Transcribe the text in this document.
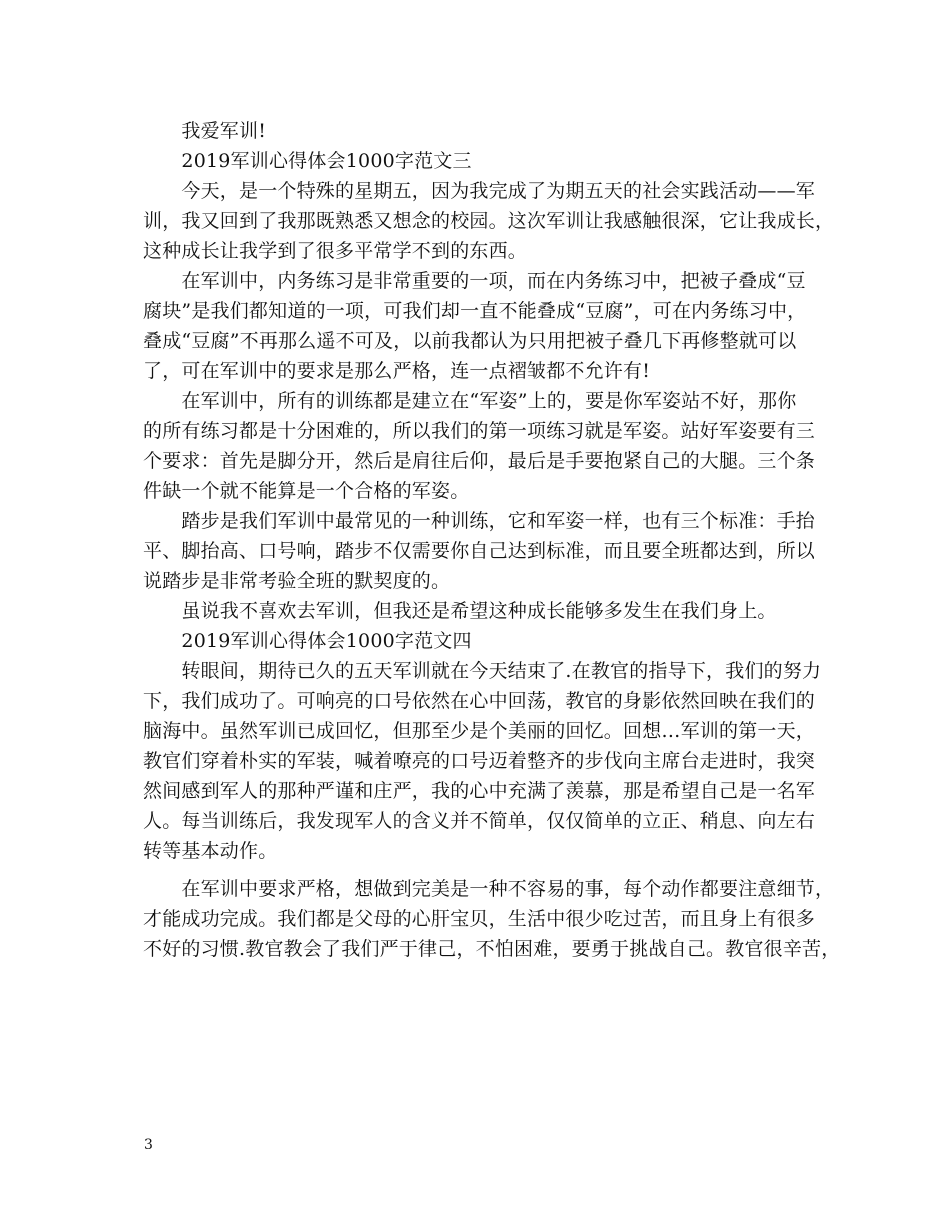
　　我爱军训!
　　2019军训心得体会1000字范文三
　　今天，是一个特殊的星期五，因为我完成了为期五天的社会实践活动——军
训，我又回到了我那既熟悉又想念的校园。这次军训让我感触很深，它让我成长，
这种成长让我学到了很多平常学不到的东西。
　　在军训中，内务练习是非常重要的一项，而在内务练习中，把被子叠成“豆
腐块”是我们都知道的一项，可我们却一直不能叠成“豆腐”，可在内务练习中，
叠成“豆腐”不再那么遥不可及，以前我都认为只用把被子叠几下再修整就可以
了，可在军训中的要求是那么严格，连一点褶皱都不允许有!
　　在军训中，所有的训练都是建立在“军姿”上的，要是你军姿站不好，那你
的所有练习都是十分困难的，所以我们的第一项练习就是军姿。站好军姿要有三
个要求：首先是脚分开，然后是肩往后仰，最后是手要抱紧自己的大腿。三个条
件缺一个就不能算是一个合格的军姿。
　　踏步是我们军训中最常见的一种训练，它和军姿一样，也有三个标准：手抬
平、脚抬高、口号响，踏步不仅需要你自己达到标准，而且要全班都达到，所以
说踏步是非常考验全班的默契度的。
　　虽说我不喜欢去军训，但我还是希望这种成长能够多发生在我们身上。
　　2019军训心得体会1000字范文四
　　转眼间，期待已久的五天军训就在今天结束了.在教官的指导下，我们的努力
下，我们成功了。可响亮的口号依然在心中回荡，教官的身影依然回映在我们的
脑海中。虽然军训已成回忆，但那至少是个美丽的回忆。回想…军训的第一天，
教官们穿着朴实的军装，喊着嘹亮的口号迈着整齐的步伐向主席台走进时，我突
然间感到军人的那种严谨和庄严，我的心中充满了羡慕，那是希望自己是一名军
人。每当训练后，我发现军人的含义并不简单，仅仅简单的立正、稍息、向左右
转等基本动作。
　　在军训中要求严格，想做到完美是一种不容易的事，每个动作都要注意细节，
才能成功完成。我们都是父母的心肝宝贝，生活中很少吃过苦，而且身上有很多
不好的习惯.教官教会了我们严于律己，不怕困难，要勇于挑战自己。教官很辛苦，
3
